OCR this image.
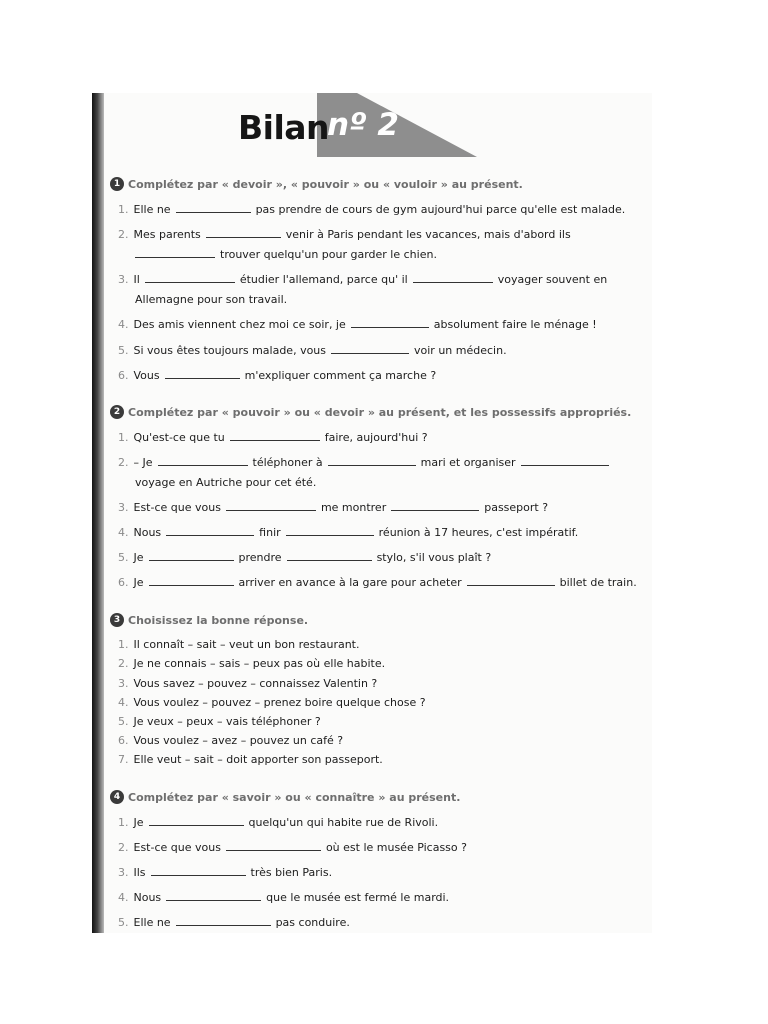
Bilan
nº 2
1 Complétez par « devoir », « pouvoir » ou « vouloir » au présent.
1. Elle ne	pas prendre de cours de gym aujourd'hui parce qu'elle est malade.
2. Mes parents	venir à Paris pendant les vacances, mais d'abord ils
trouver quelqu'un pour garder le chien.
3. Il	étudier l'allemand, parce qu' il	voyager souvent en
Allemagne pour son travail.
4. Des amis viennent chez moi ce soir, je	absolument faire le ménage !
5. Si vous êtes toujours malade, vous	voir un médecin.
6. Vous	m'expliquer comment ça marche ?
2 Complétez par « pouvoir » ou « devoir » au présent, et les possessifs appropriés.
1. Qu'est-ce que tu	faire, aujourd'hui ?
2. – Je	téléphoner à	mari et organiser
voyage en Autriche pour cet été.
3. Est-ce que vous	me montrer	passeport ?
4. Nous	finir	réunion à 17 heures, c'est impératif.
5. Je	prendre	stylo, s'il vous plaît ?
6. Je	arriver en avance à la gare pour acheter	billet de train.
3 Choisissez la bonne réponse.
1. Il connaît – sait – veut un bon restaurant.
2. Je ne connais – sais – peux pas où elle habite.
3. Vous savez – pouvez – connaissez Valentin ?
4. Vous voulez – pouvez – prenez boire quelque chose ?
5. Je veux – peux – vais téléphoner ?
6. Vous voulez – avez – pouvez un café ?
7. Elle veut – sait – doit apporter son passeport.
4 Complétez par « savoir » ou « connaître » au présent.
1. Je	quelqu'un qui habite rue de Rivoli.
2. Est-ce que vous	où est le musée Picasso ?
3. Ils	très bien Paris.
4. Nous	que le musée est fermé le mardi.
5. Elle ne	pas conduire.
